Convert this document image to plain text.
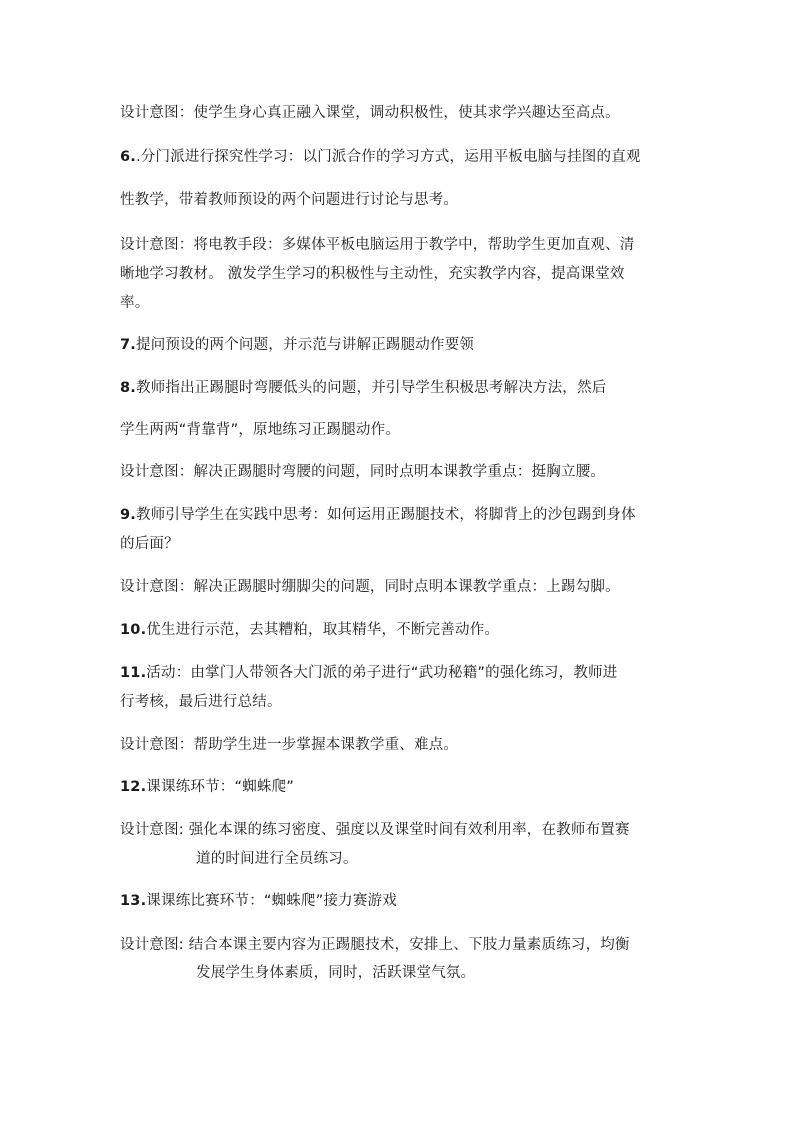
设计意图：使学生身心真正融入课堂，调动积极性，使其求学兴趣达至高点。
6..分门派进行探究性学习：以门派合作的学习方式，运用平板电脑与挂图的直观
性教学，带着教师预设的两个问题进行讨论与思考。
设计意图：将电教手段：多媒体平板电脑运用于教学中，帮助学生更加直观、清
晰地学习教材。 激发学生学习的积极性与主动性，充实教学内容，提高课堂效
率。
7.提问预设的两个问题，并示范与讲解正踢腿动作要领
8.教师指出正踢腿时弯腰低头的问题，并引导学生积极思考解决方法，然后
学生两两“背靠背”，原地练习正踢腿动作。
设计意图：解决正踢腿时弯腰的问题，同时点明本课教学重点：挺胸立腰。
9.教师引导学生在实践中思考：如何运用正踢腿技术，将脚背上的沙包踢到身体
的后面？
设计意图：解决正踢腿时绷脚尖的问题，同时点明本课教学重点：上踢勾脚。
10.优生进行示范，去其糟粕，取其精华，不断完善动作。
11.活动：由掌门人带领各大门派的弟子进行“武功秘籍”的强化练习，教师进
行考核，最后进行总结。
设计意图：帮助学生进一步掌握本课教学重、难点。
12.课课练环节：“蜘蛛爬”
设计意图: 强化本课的练习密度、强度以及课堂时间有效利用率，在教师布置赛
道的时间进行全员练习。
13.课课练比赛环节：“蜘蛛爬”接力赛游戏
设计意图: 结合本课主要内容为正踢腿技术，安排上、下肢力量素质练习，均衡
发展学生身体素质，同时，活跃课堂气氛。
